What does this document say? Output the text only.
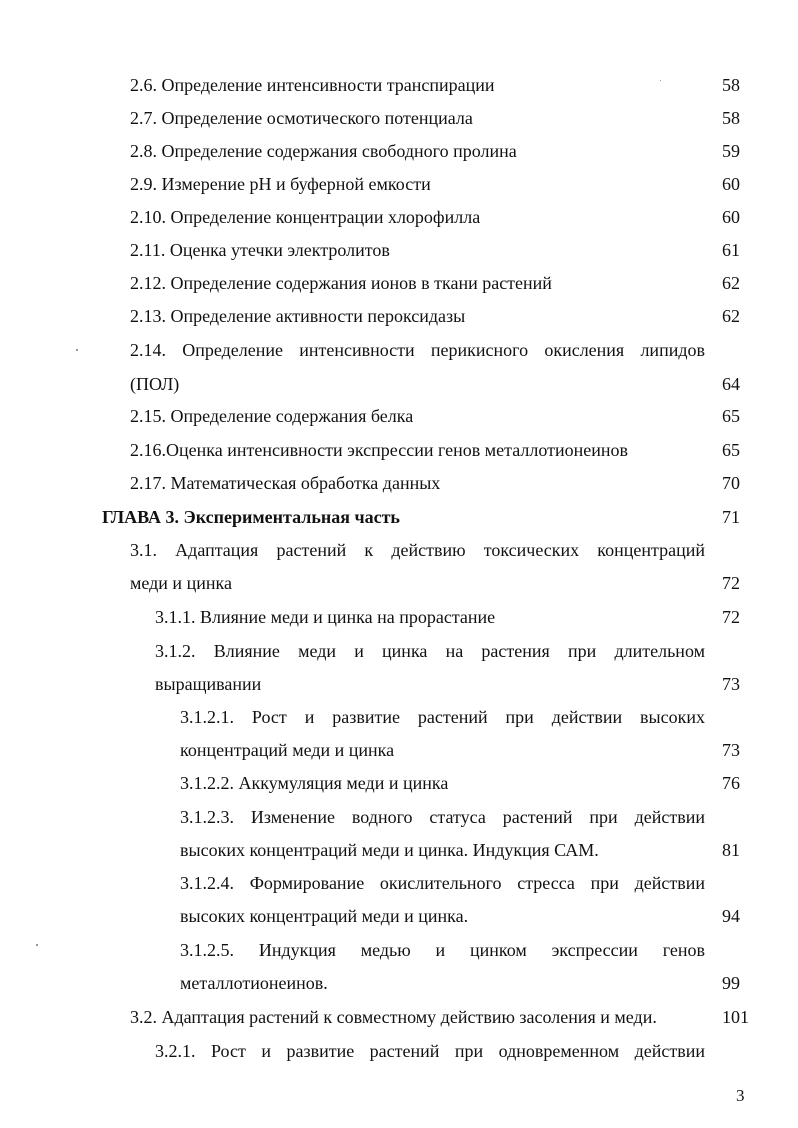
2.6. Определение интенсивности транспирации	58
2.7. Определение осмотического потенциала	58
2.8. Определение содержания свободного пролина	59
2.9. Измерение pH и буферной емкости	60
2.10. Определение концентрации хлорофилла	60
2.11. Оценка утечки электролитов	61
2.12. Определение содержания ионов в ткани растений	62
2.13. Определение активности пероксидазы	62
2.14. Определение интенсивности перикисного окисления липидов
(ПОЛ)	64
2.15. Определение содержания белка	65
2.16.Оценка интенсивности экспрессии генов металлотионеинов	65
2.17. Математическая обработка данных	70
ГЛАВА 3. Экспериментальная часть	71
3.1. Адаптация растений к действию токсических концентраций
меди и цинка	72
3.1.1. Влияние меди и цинка на прорастание	72
3.1.2. Влияние меди и цинка на растения при длительном
выращивании	73
3.1.2.1. Рост и развитие растений при действии высоких
концентраций меди и цинка	73
3.1.2.2. Аккумуляция меди и цинка	76
3.1.2.3. Изменение водного статуса растений при действии
высоких концентраций меди и цинка. Индукция САМ.	81
3.1.2.4. Формирование окислительного стресса при действии
высоких концентраций меди и цинка.	94
3.1.2.5. Индукция медью и цинком экспрессии генов
металлотионеинов.	99
3.2. Адаптация растений к совместному действию засоления и меди.	101
3.2.1. Рост и развитие растений при одновременном действии
3
